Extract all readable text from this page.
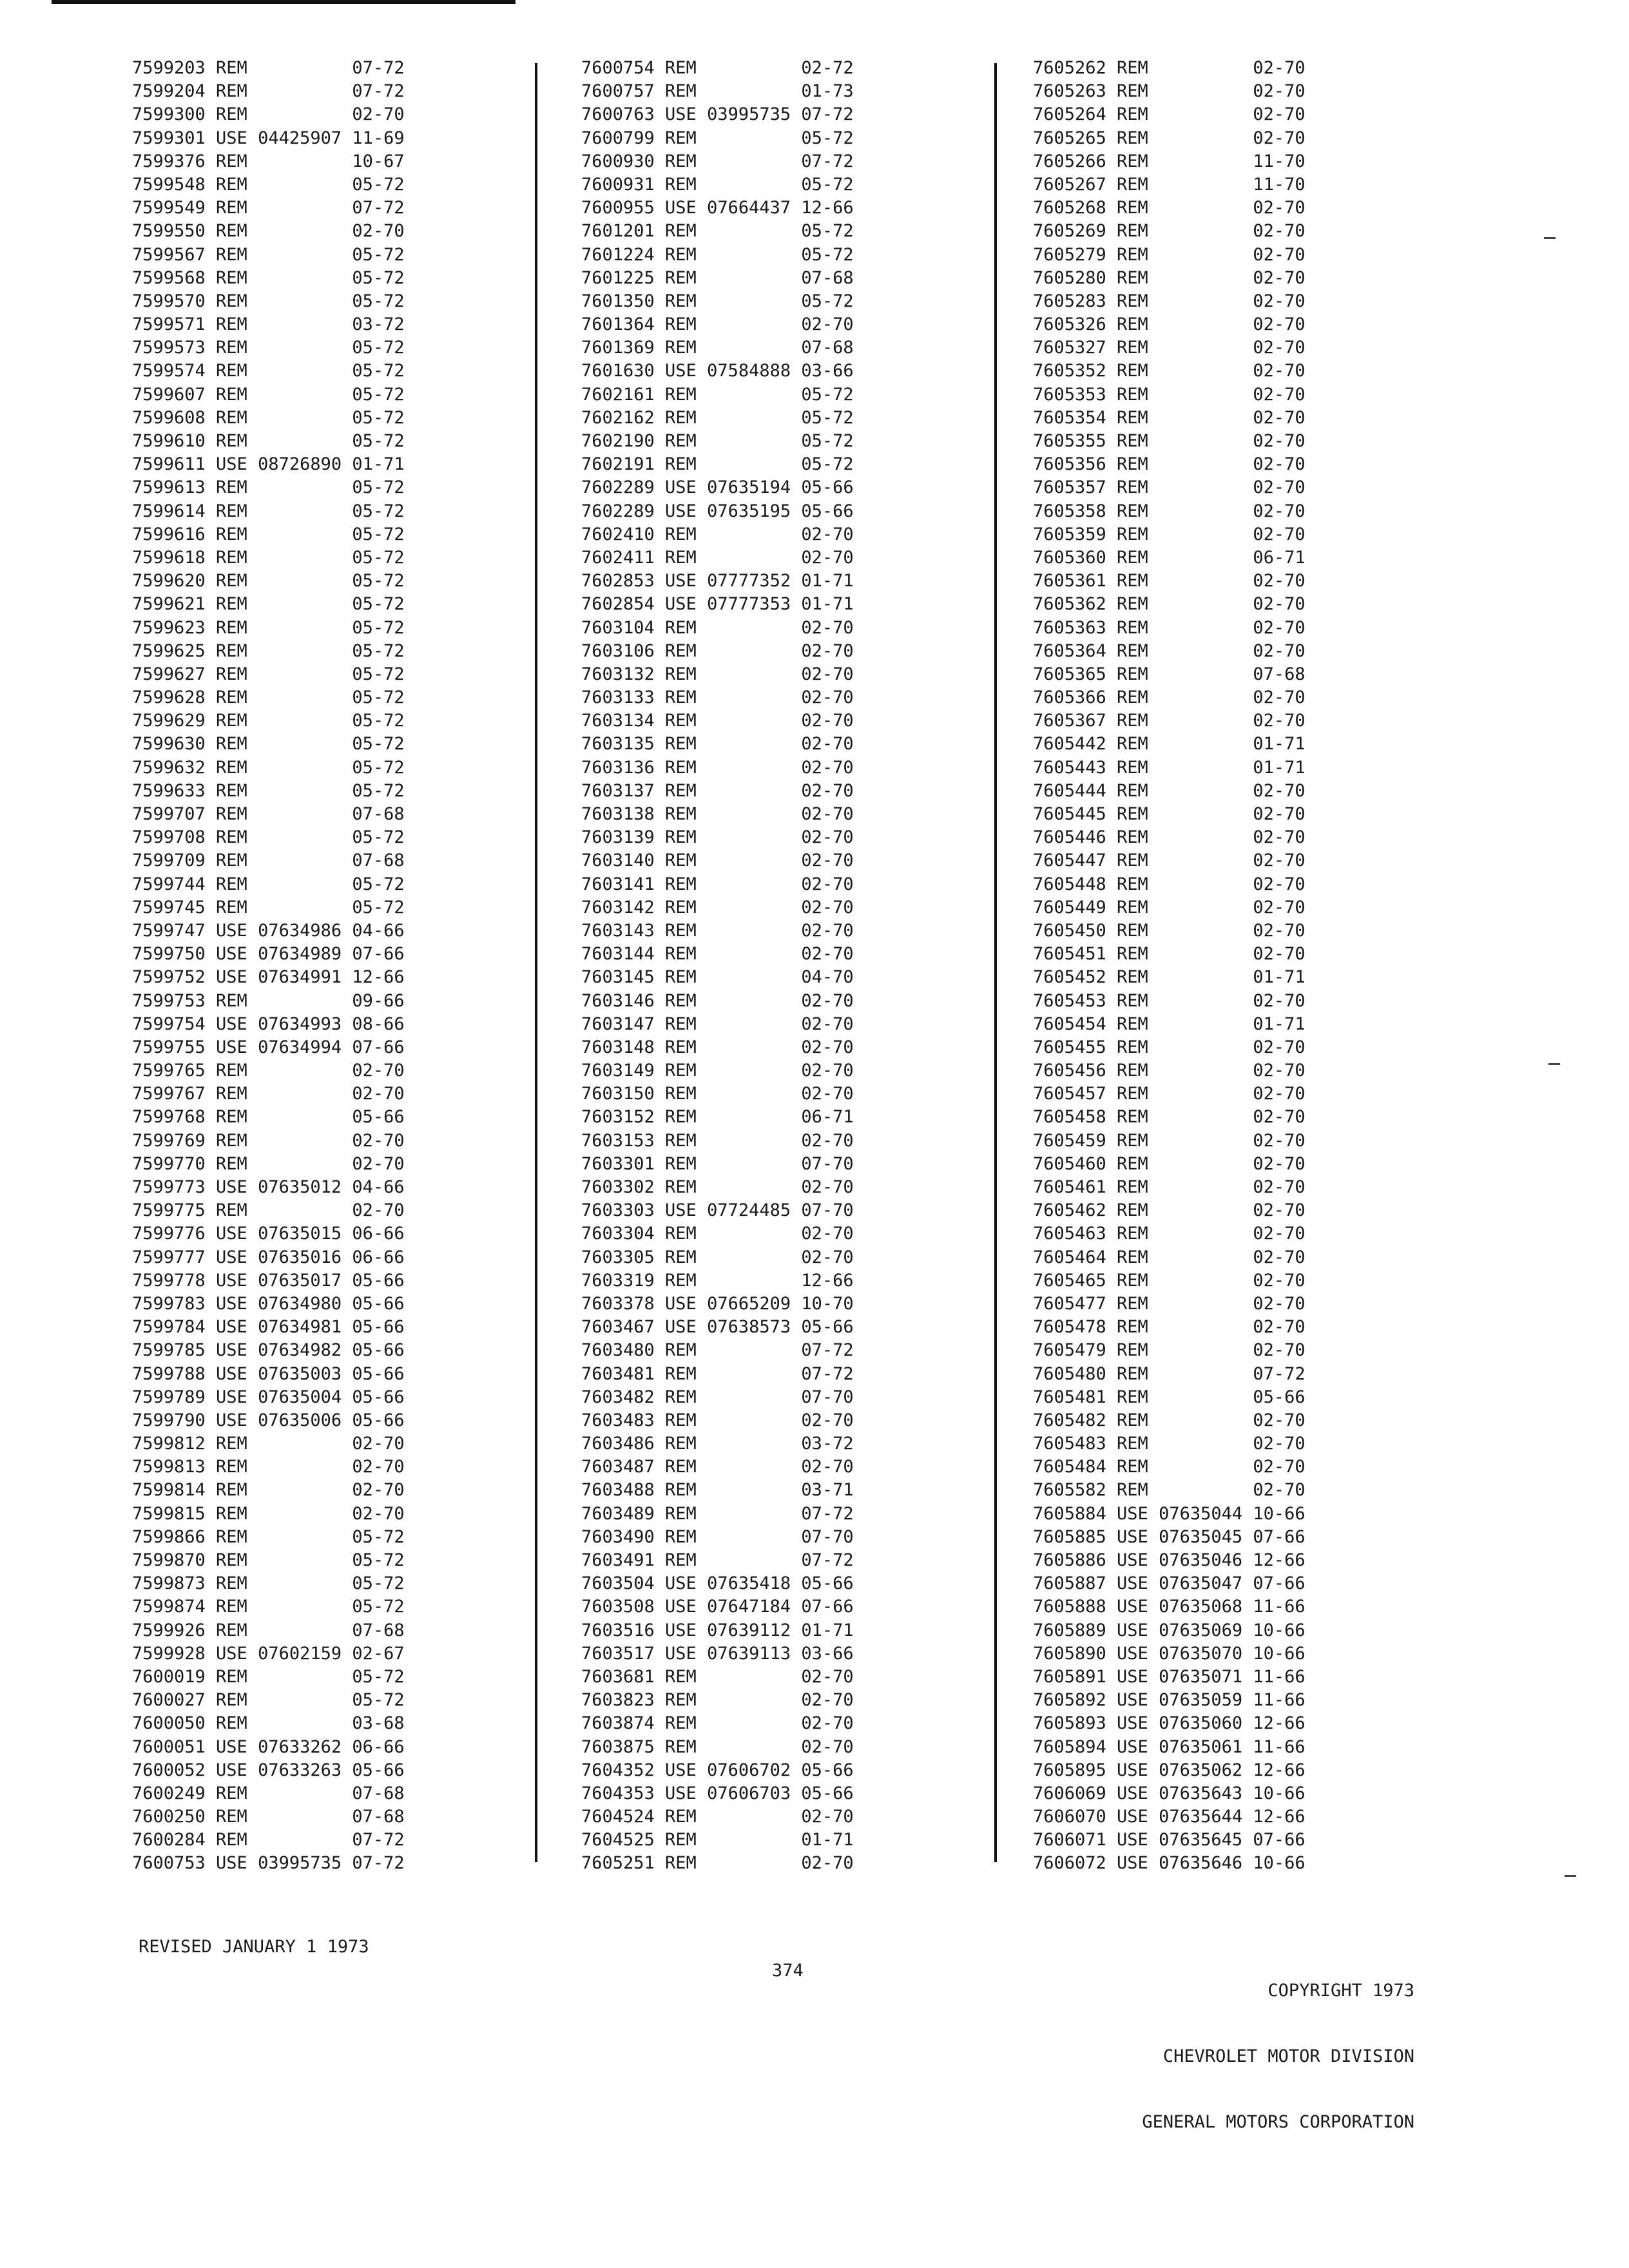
7599203 REM          07-72
7599204 REM          07-72
7599300 REM          02-70
7599301 USE 04425907 11-69
7599376 REM          10-67
7599548 REM          05-72
7599549 REM          07-72
7599550 REM          02-70
7599567 REM          05-72
7599568 REM          05-72
7599570 REM          05-72
7599571 REM          03-72
7599573 REM          05-72
7599574 REM          05-72
7599607 REM          05-72
7599608 REM          05-72
7599610 REM          05-72
7599611 USE 08726890 01-71
7599613 REM          05-72
7599614 REM          05-72
7599616 REM          05-72
7599618 REM          05-72
7599620 REM          05-72
7599621 REM          05-72
7599623 REM          05-72
7599625 REM          05-72
7599627 REM          05-72
7599628 REM          05-72
7599629 REM          05-72
7599630 REM          05-72
7599632 REM          05-72
7599633 REM          05-72
7599707 REM          07-68
7599708 REM          05-72
7599709 REM          07-68
7599744 REM          05-72
7599745 REM          05-72
7599747 USE 07634986 04-66
7599750 USE 07634989 07-66
7599752 USE 07634991 12-66
7599753 REM          09-66
7599754 USE 07634993 08-66
7599755 USE 07634994 07-66
7599765 REM          02-70
7599767 REM          02-70
7599768 REM          05-66
7599769 REM          02-70
7599770 REM          02-70
7599773 USE 07635012 04-66
7599775 REM          02-70
7599776 USE 07635015 06-66
7599777 USE 07635016 06-66
7599778 USE 07635017 05-66
7599783 USE 07634980 05-66
7599784 USE 07634981 05-66
7599785 USE 07634982 05-66
7599788 USE 07635003 05-66
7599789 USE 07635004 05-66
7599790 USE 07635006 05-66
7599812 REM          02-70
7599813 REM          02-70
7599814 REM          02-70
7599815 REM          02-70
7599866 REM          05-72
7599870 REM          05-72
7599873 REM          05-72
7599874 REM          05-72
7599926 REM          07-68
7599928 USE 07602159 02-67
7600019 REM          05-72
7600027 REM          05-72
7600050 REM          03-68
7600051 USE 07633262 06-66
7600052 USE 07633263 05-66
7600249 REM          07-68
7600250 REM          07-68
7600284 REM          07-72
7600753 USE 03995735 07-72
7600754 REM          02-72
7600757 REM          01-73
7600763 USE 03995735 07-72
7600799 REM          05-72
7600930 REM          07-72
7600931 REM          05-72
7600955 USE 07664437 12-66
7601201 REM          05-72
7601224 REM          05-72
7601225 REM          07-68
7601350 REM          05-72
7601364 REM          02-70
7601369 REM          07-68
7601630 USE 07584888 03-66
7602161 REM          05-72
7602162 REM          05-72
7602190 REM          05-72
7602191 REM          05-72
7602289 USE 07635194 05-66
7602289 USE 07635195 05-66
7602410 REM          02-70
7602411 REM          02-70
7602853 USE 07777352 01-71
7602854 USE 07777353 01-71
7603104 REM          02-70
7603106 REM          02-70
7603132 REM          02-70
7603133 REM          02-70
7603134 REM          02-70
7603135 REM          02-70
7603136 REM          02-70
7603137 REM          02-70
7603138 REM          02-70
7603139 REM          02-70
7603140 REM          02-70
7603141 REM          02-70
7603142 REM          02-70
7603143 REM          02-70
7603144 REM          02-70
7603145 REM          04-70
7603146 REM          02-70
7603147 REM          02-70
7603148 REM          02-70
7603149 REM          02-70
7603150 REM          02-70
7603152 REM          06-71
7603153 REM          02-70
7603301 REM          07-70
7603302 REM          02-70
7603303 USE 07724485 07-70
7603304 REM          02-70
7603305 REM          02-70
7603319 REM          12-66
7603378 USE 07665209 10-70
7603467 USE 07638573 05-66
7603480 REM          07-72
7603481 REM          07-72
7603482 REM          07-70
7603483 REM          02-70
7603486 REM          03-72
7603487 REM          02-70
7603488 REM          03-71
7603489 REM          07-72
7603490 REM          07-70
7603491 REM          07-72
7603504 USE 07635418 05-66
7603508 USE 07647184 07-66
7603516 USE 07639112 01-71
7603517 USE 07639113 03-66
7603681 REM          02-70
7603823 REM          02-70
7603874 REM          02-70
7603875 REM          02-70
7604352 USE 07606702 05-66
7604353 USE 07606703 05-66
7604524 REM          02-70
7604525 REM          01-71
7605251 REM          02-70
7605262 REM          02-70
7605263 REM          02-70
7605264 REM          02-70
7605265 REM          02-70
7605266 REM          11-70
7605267 REM          11-70
7605268 REM          02-70
7605269 REM          02-70
7605279 REM          02-70
7605280 REM          02-70
7605283 REM          02-70
7605326 REM          02-70
7605327 REM          02-70
7605352 REM          02-70
7605353 REM          02-70
7605354 REM          02-70
7605355 REM          02-70
7605356 REM          02-70
7605357 REM          02-70
7605358 REM          02-70
7605359 REM          02-70
7605360 REM          06-71
7605361 REM          02-70
7605362 REM          02-70
7605363 REM          02-70
7605364 REM          02-70
7605365 REM          07-68
7605366 REM          02-70
7605367 REM          02-70
7605442 REM          01-71
7605443 REM          01-71
7605444 REM          02-70
7605445 REM          02-70
7605446 REM          02-70
7605447 REM          02-70
7605448 REM          02-70
7605449 REM          02-70
7605450 REM          02-70
7605451 REM          02-70
7605452 REM          01-71
7605453 REM          02-70
7605454 REM          01-71
7605455 REM          02-70
7605456 REM          02-70
7605457 REM          02-70
7605458 REM          02-70
7605459 REM          02-70
7605460 REM          02-70
7605461 REM          02-70
7605462 REM          02-70
7605463 REM          02-70
7605464 REM          02-70
7605465 REM          02-70
7605477 REM          02-70
7605478 REM          02-70
7605479 REM          02-70
7605480 REM          07-72
7605481 REM          05-66
7605482 REM          02-70
7605483 REM          02-70
7605484 REM          02-70
7605582 REM          02-70
7605884 USE 07635044 10-66
7605885 USE 07635045 07-66
7605886 USE 07635046 12-66
7605887 USE 07635047 07-66
7605888 USE 07635068 11-66
7605889 USE 07635069 10-66
7605890 USE 07635070 10-66
7605891 USE 07635071 11-66
7605892 USE 07635059 11-66
7605893 USE 07635060 12-66
7605894 USE 07635061 11-66
7605895 USE 07635062 12-66
7606069 USE 07635643 10-66
7606070 USE 07635644 12-66
7606071 USE 07635645 07-66
7606072 USE 07635646 10-66
REVISED JANUARY 1 1973
374

COPYRIGHT 1973

CHEVROLET MOTOR DIVISION

GENERAL MOTORS CORPORATION
